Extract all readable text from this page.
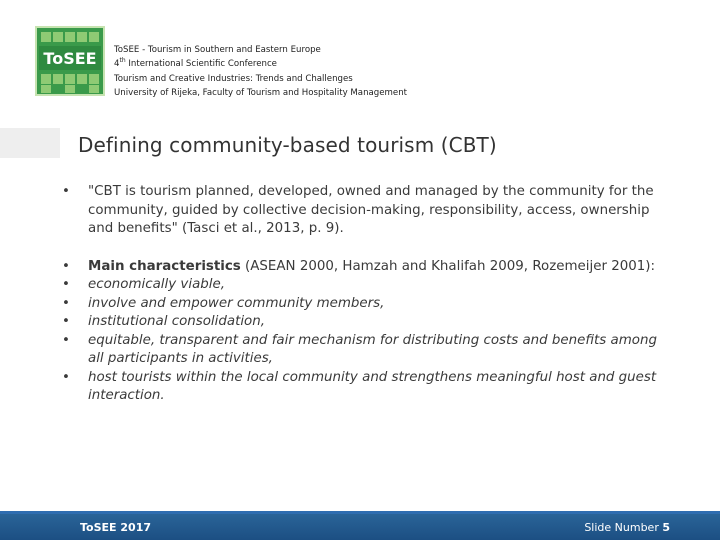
ToSEE ToSEE - Tourism in Southern and Eastern Europe
4th International Scientific Conference
Tourism and Creative Industries: Trends and Challenges
University of Rijeka, Faculty of Tourism and Hospitality Management
Defining community-based tourism (CBT)
• "CBT is tourism planned, developed, owned and managed by the community for the community, guided by collective decision-making, responsibility, access, ownership and benefits" (Tasci et al., 2013, p. 9).
• Main characteristics (ASEAN 2000, Hamzah and Khalifah 2009, Rozemeijer 2001):
• economically viable,
• involve and empower community members,
• institutional consolidation,
• equitable, transparent and fair mechanism for distributing costs and benefits among all participants in activities,
• host tourists within the local community and strengthens meaningful host and guest interaction.
ToSEE 2017	Slide Number 5
